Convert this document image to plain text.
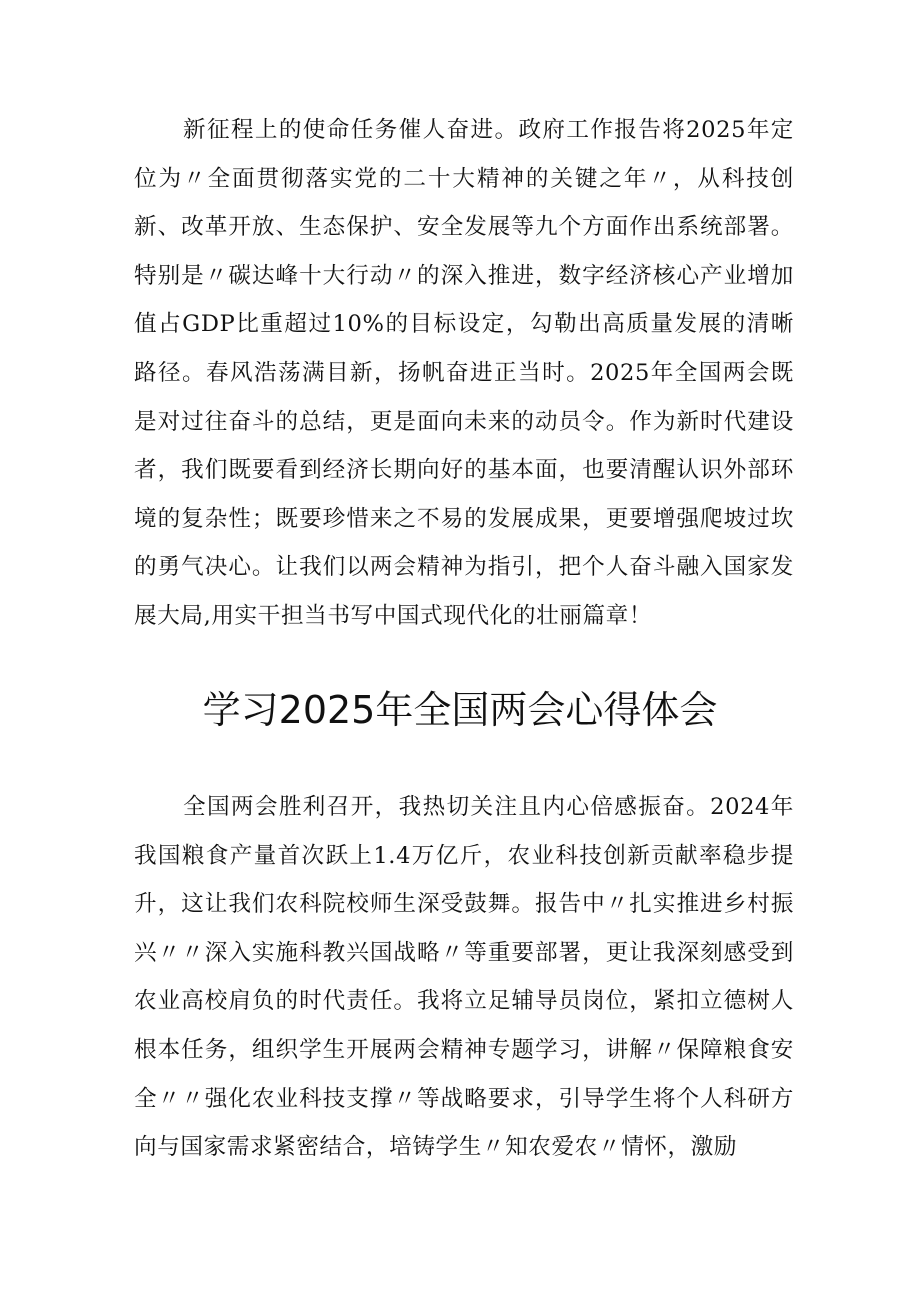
新征程上的使命任务催人奋进。政府工作报告将2025年定位为〃全面贯彻落实党的二十大精神的关键之年〃，从科技创新、改革开放、生态保护、安全发展等九个方面作出系统部署。特别是〃碳达峰十大行动〃的深入推进，数字经济核心产业增加值占GDP比重超过10%的目标设定，勾勒出高质量发展的清晰路径。春风浩荡满目新，扬帆奋进正当时。2025年全国两会既是对过往奋斗的总结，更是面向未来的动员令。作为新时代建设者，我们既要看到经济长期向好的基本面，也要清醒认识外部环境的复杂性；既要珍惜来之不易的发展成果，更要增强爬坡过坎的勇气决心。让我们以两会精神为指引，把个人奋斗融入国家发展大局,用实干担当书写中国式现代化的壮丽篇章！

学习2025年全国两会心得体会

全国两会胜利召开，我热切关注且内心倍感振奋。2024年我国粮食产量首次跃上1.4万亿斤，农业科技创新贡献率稳步提升，这让我们农科院校师生深受鼓舞。报告中〃扎实推进乡村振兴〃〃深入实施科教兴国战略〃等重要部署，更让我深刻感受到农业高校肩负的时代责任。我将立足辅导员岗位，紧扣立德树人根本任务，组织学生开展两会精神专题学习，讲解〃保障粮食安全〃〃强化农业科技支撑〃等战略要求，引导学生将个人科研方向与国家需求紧密结合，培铸学生〃知农爱农〃情怀，激励
